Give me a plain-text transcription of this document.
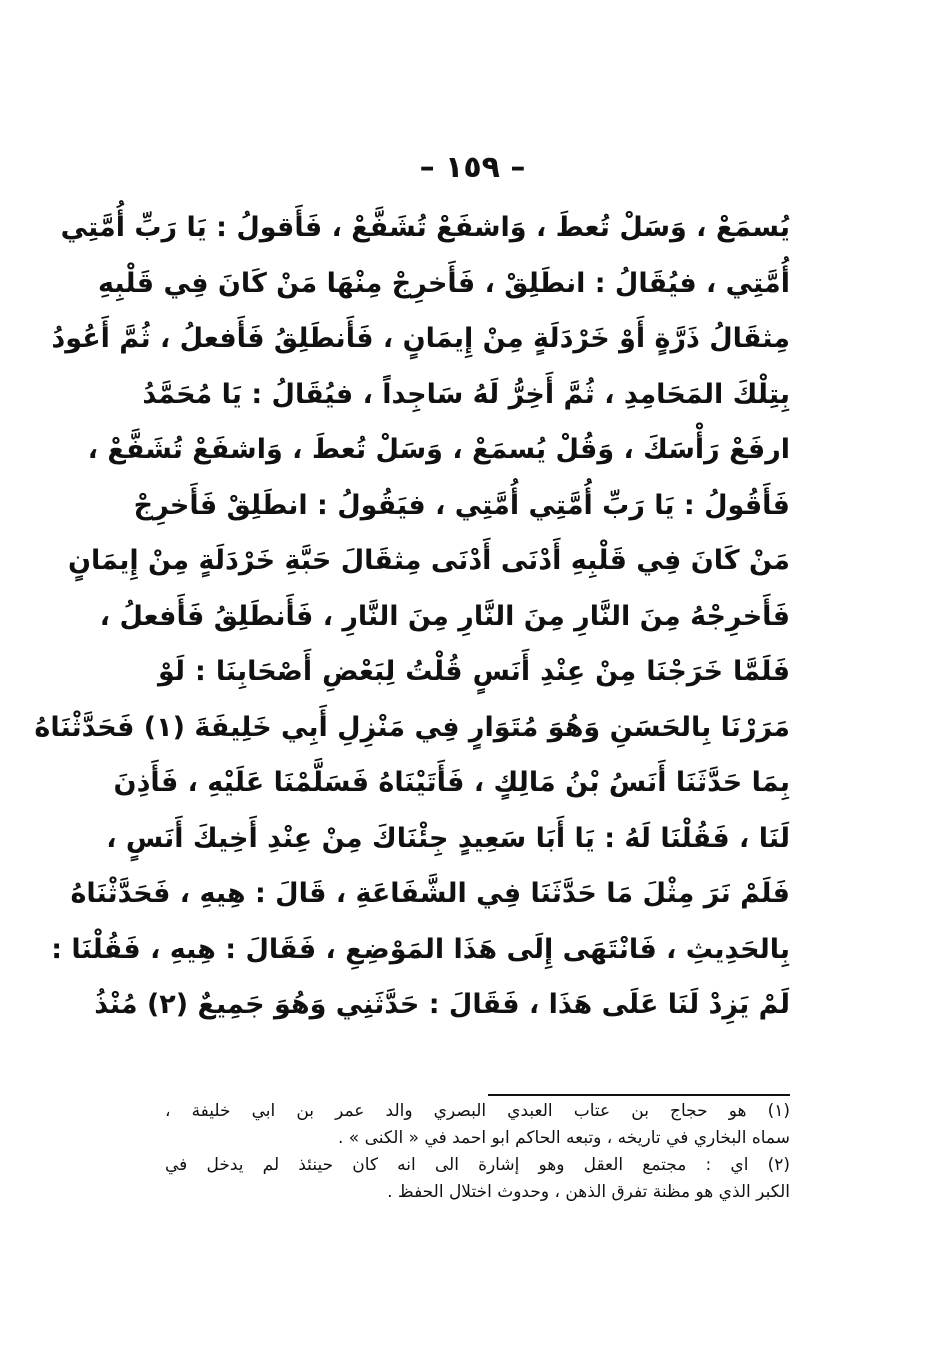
– ١٥٩ –
يُسمَعْ ، وَسَلْ تُعطَ ، وَاشفَعْ تُشَفَّعْ ، فَأَقولُ : يَا رَبِّ أُمَّتِي
أُمَّتِي ، فيُقَالُ : انطَلِقْ ، فَأَخرِجْ مِنْهَا مَنْ كَانَ فِي قَلْبِهِ
مِثقَالُ ذَرَّةٍ أَوْ خَرْدَلَةٍ مِنْ إِيمَانٍ ، فَأَنطَلِقُ فَأَفعلُ ، ثُمَّ أَعُودُ
بِتِلْكَ المَحَامِدِ ، ثُمَّ أَخِرُّ لَهُ سَاجِداً ، فيُقَالُ : يَا مُحَمَّدُ
ارفَعْ رَأْسَكَ ، وَقُلْ يُسمَعْ ، وَسَلْ تُعطَ ، وَاشفَعْ تُشَفَّعْ ،
فَأَقُولُ : يَا رَبِّ أُمَّتِي أُمَّتِي ، فيَقُولُ : انطَلِقْ فَأَخرِجْ
مَنْ كَانَ فِي قَلْبِهِ أَدْنَى أَدْنَى مِثقَالَ حَبَّةِ خَرْدَلَةٍ مِنْ إِيمَانٍ
فَأَخرِجْهُ مِنَ النَّارِ مِنَ النَّارِ مِنَ النَّارِ ، فَأَنطَلِقُ فَأَفعلُ ،
فَلَمَّا خَرَجْنَا مِنْ عِنْدِ أَنَسٍ قُلْتُ لِبَعْضِ أَصْحَابِنَا : لَوْ
مَرَرْنَا بِالحَسَنِ وَهُوَ مُتَوَارٍ فِي مَنْزِلِ أَبِي خَلِيفَةَ (١) فَحَدَّثْنَاهُ
بِمَا حَدَّثَنَا أَنَسُ بْنُ مَالِكٍ ، فَأَتَيْنَاهُ فَسَلَّمْنَا عَلَيْهِ ، فَأَذِنَ
لَنَا ، فَقُلْنَا لَهُ : يَا أَبَا سَعِيدٍ جِئْنَاكَ مِنْ عِنْدِ أَخِيكَ أَنَسٍ ،
فَلَمْ نَرَ مِثْلَ مَا حَدَّثَنَا فِي الشَّفَاعَةِ ، قَالَ : هِيهِ ، فَحَدَّثْنَاهُ
بِالحَدِيثِ ، فَانْتَهَى إِلَى هَذَا المَوْضِعِ ، فَقَالَ : هِيهِ ، فَقُلْنَا :
لَمْ يَزِدْ لَنَا عَلَى هَذَا ، فَقَالَ : حَدَّثَنِي وَهُوَ جَمِيعٌ (٢) مُنْذُ
(١) هو حجاج بن عتاب العبدي البصري والد عمر بن ابي خليفة ،
سماه البخاري في تاريخه ، وتبعه الحاكم ابو احمد في « الكنى » .
(٢) اي : مجتمع العقل وهو إشارة الى انه كان حينئذ لم يدخل في
الكبر الذي هو مظنة تفرق الذهن ، وحدوث اختلال الحفظ .
